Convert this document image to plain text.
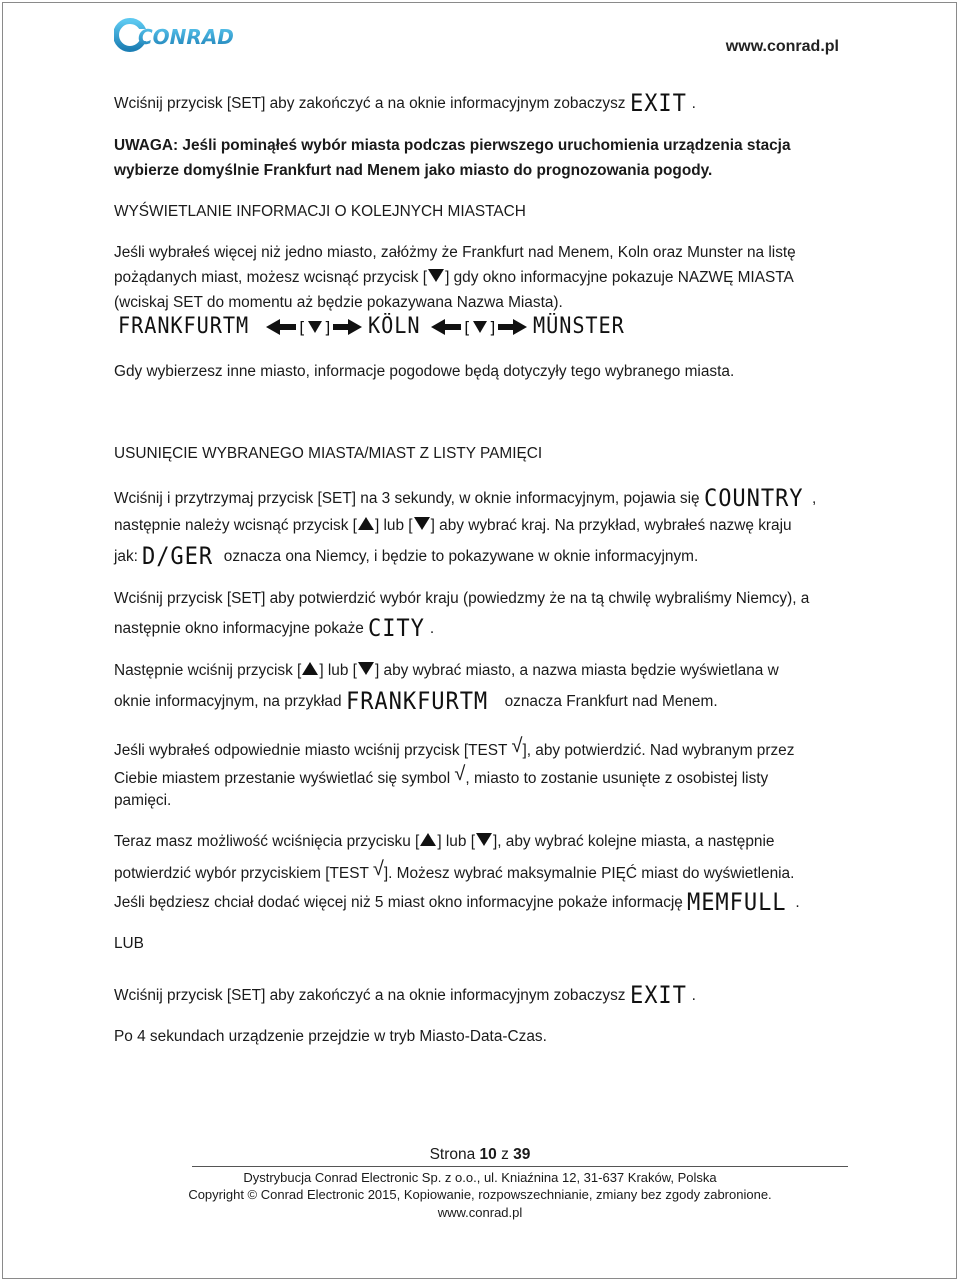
CONRAD	www.conrad.pl
Wciśnij przycisk [SET] aby zakończyć a na oknie informacyjnym zobaczysz EXIT .
UWAGA: Jeśli pominąłeś wybór miasta podczas pierwszego uruchomienia urządzenia stacja
wybierze domyślnie Frankfurt nad Menem jako miasto do prognozowania pogody.
WYŚWIETLANIE INFORMACJI O KOLEJNYCH MIASTACH
Jeśli wybrałeś więcej niż jedno miasto, załóżmy że Frankfurt nad Menem, Koln oraz Munster na listę
pożądanych miast, możesz wcisnąć przycisk [ ] gdy okno informacyjne pokazuje NAZWĘ MIASTA
(wciskaj SET do momentu aż będzie pokazywana Nazwa Miasta).
FRANKFURTM	[ ] KÖLN	[ ] MÜNSTER
Gdy wybierzesz inne miasto, informacje pogodowe będą dotyczyły tego wybranego miasta.
USUNIĘCIE WYBRANEGO MIASTA/MIAST Z LISTY PAMIĘCI
Wciśnij i przytrzymaj przycisk [SET] na 3 sekundy, w oknie informacyjnym, pojawia się COUNTRY ,
następnie należy wcisnąć przycisk [ ] lub [ ] aby wybrać kraj. Na przykład, wybrałeś nazwę kraju
jak: D/GER oznacza ona Niemcy, i będzie to pokazywane w oknie informacyjnym.
Wciśnij przycisk [SET] aby potwierdzić wybór kraju (powiedzmy że na tą chwilę wybraliśmy Niemcy), a
następnie okno informacyjne pokaże CITY .
Następnie wciśnij przycisk [ ] lub [ ] aby wybrać miasto, a nazwa miasta będzie wyświetlana w
oknie informacyjnym, na przykład FRANKFURTM oznacza Frankfurt nad Menem.
Jeśli wybrałeś odpowiednie miasto wciśnij przycisk [TEST √], aby potwierdzić. Nad wybranym przez
Ciebie miastem przestanie wyświetlać się symbol √, miasto to zostanie usunięte z osobistej listy
pamięci.
Teraz masz możliwość wciśnięcia przycisku [ ] lub [ ], aby wybrać kolejne miasta, a następnie
potwierdzić wybór przyciskiem [TEST √]. Możesz wybrać maksymalnie PIĘĆ miast do wyświetlenia.
Jeśli będziesz chciał dodać więcej niż 5 miast okno informacyjne pokaże informację MEMFULL .
LUB
Wciśnij przycisk [SET] aby zakończyć a na oknie informacyjnym zobaczysz EXIT .
Po 4 sekundach urządzenie przejdzie w tryb Miasto-Data-Czas.
Strona 10 z 39
Dystrybucja Conrad Electronic Sp. z o.o., ul. Kniaźnina 12, 31-637 Kraków, Polska
Copyright © Conrad Electronic 2015, Kopiowanie, rozpowszechnianie, zmiany bez zgody zabronione.
www.conrad.pl
